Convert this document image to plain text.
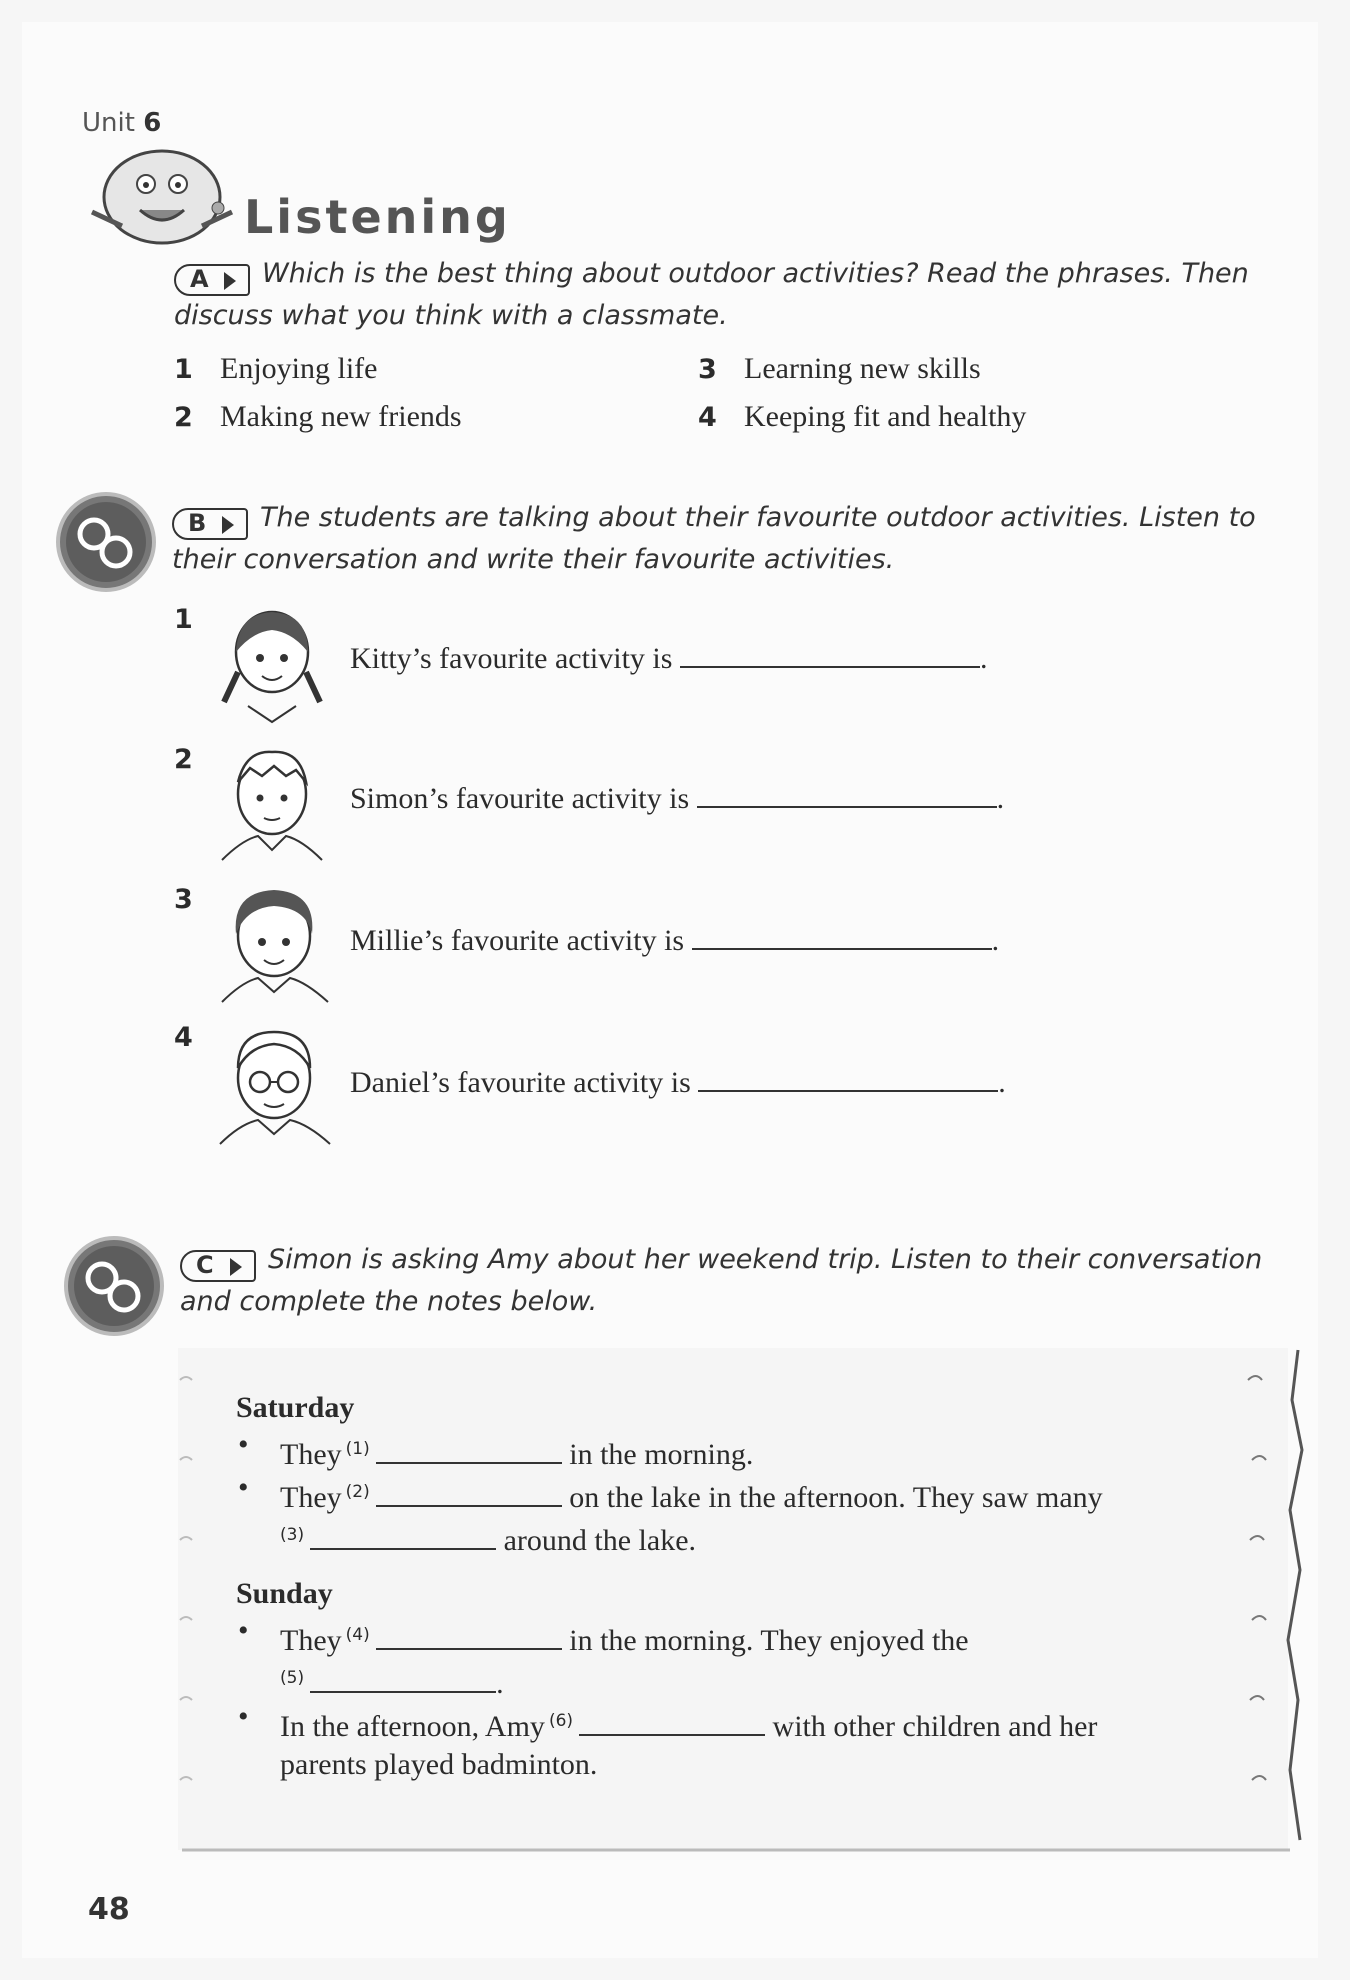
Unit 6
Listening
A Which is the best thing about outdoor activities? Read the phrases. Then discuss what you think with a classmate.
1 Enjoying life
2 Making new friends
3 Learning new skills
4 Keeping fit and healthy
B The students are talking about their favourite outdoor activities. Listen to their conversation and write their favourite activities.
1
Kitty’s favourite activity is	.
2
Simon’s favourite activity is	.
3
Millie’s favourite activity is	.
4
Daniel’s favourite activity is	.
C Simon is asking Amy about her weekend trip. Listen to their conversation and complete the notes below.
Saturday
• They $^{(1)}$	in the morning.
• They $^{(2)}$	on the lake in the afternoon. They saw many
$^{(3)}$	around the lake.
Sunday
• They $^{(4)}$	in the morning. They enjoyed the
$^{(5)}$	.
• In the afternoon, Amy $^{(6)}$	with other children and her
parents played badminton.
48
